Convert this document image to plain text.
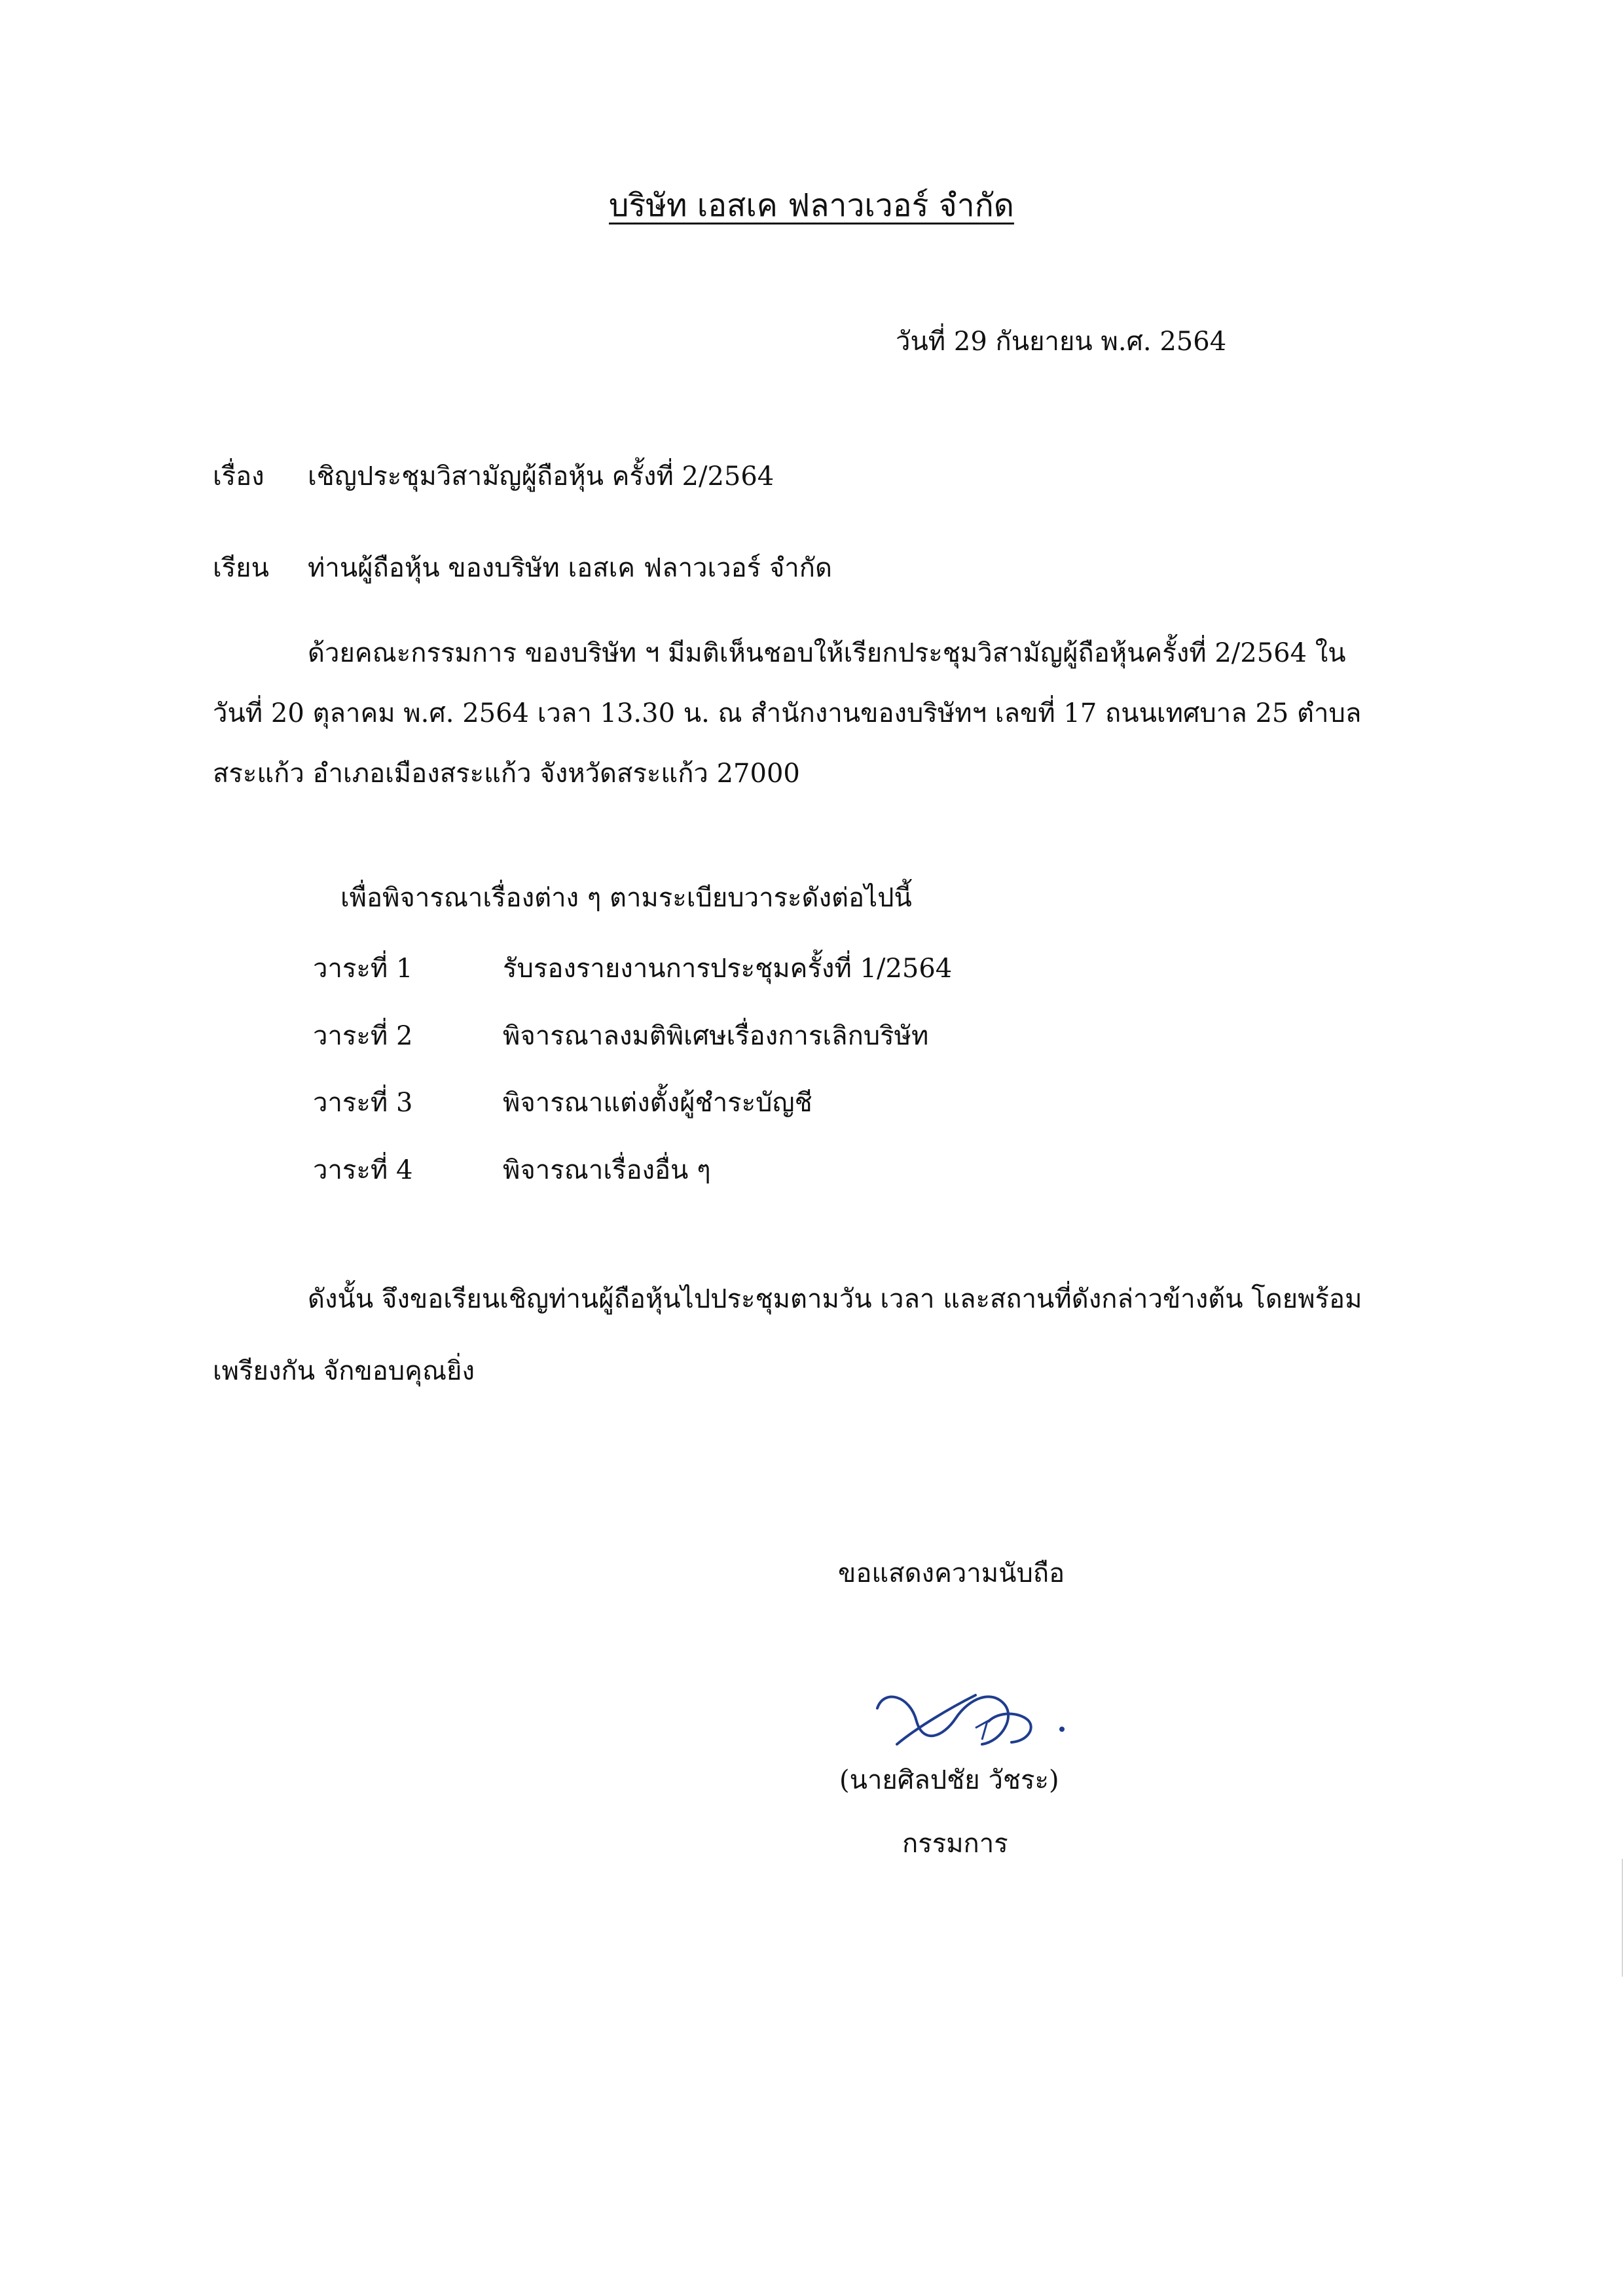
บริษัท เอสเค ฟลาวเวอร์ จำกัด
วันที่ 29 กันยายน พ.ศ. 2564
เรื่อง เชิญประชุมวิสามัญผู้ถือหุ้น ครั้งที่ 2/2564
เรียน ท่านผู้ถือหุ้น ของบริษัท เอสเค ฟลาวเวอร์ จำกัด
ด้วยคณะกรรมการ ของบริษัท ฯ มีมติเห็นชอบให้เรียกประชุมวิสามัญผู้ถือหุ้นครั้งที่ 2/2564 ใน
วันที่ 20 ตุลาคม พ.ศ. 2564 เวลา 13.30 น. ณ สำนักงานของบริษัทฯ เลขที่ 17 ถนนเทศบาล 25 ตำบล
สระแก้ว อำเภอเมืองสระแก้ว จังหวัดสระแก้ว 27000
เพื่อพิจารณาเรื่องต่าง ๆ ตามระเบียบวาระดังต่อไปนี้
วาระที่ 1	รับรองรายงานการประชุมครั้งที่ 1/2564
วาระที่ 2	พิจารณาลงมติพิเศษเรื่องการเลิกบริษัท
วาระที่ 3	พิจารณาแต่งตั้งผู้ชำระบัญชี
วาระที่ 4	พิจารณาเรื่องอื่น ๆ
ดังนั้น จึงขอเรียนเชิญท่านผู้ถือหุ้นไปประชุมตามวัน เวลา และสถานที่ดังกล่าวข้างต้น โดยพร้อม
เพรียงกัน จักขอบคุณยิ่ง
ขอแสดงความนับถือ
(นายศิลปชัย วัชระ)
กรรมการ
